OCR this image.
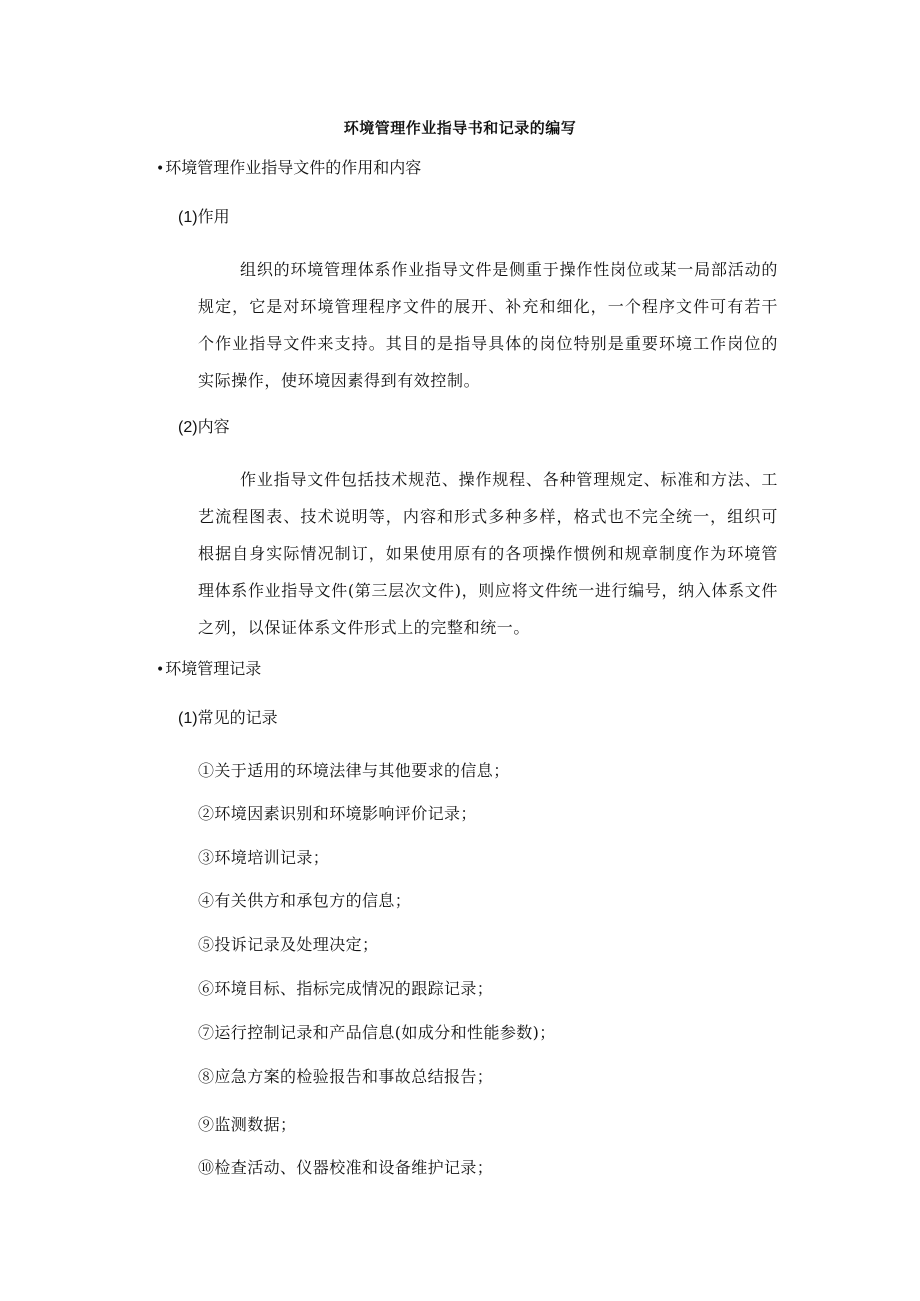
环境管理作业指导书和记录的编写
•环境管理作业指导文件的作用和内容
(1)作用
组织的环境管理体系作业指导文件是侧重于操作性岗位或某一局部活动的规定，它是对环境管理程序文件的展开、补充和细化，一个程序文件可有若干个作业指导文件来支持。其目的是指导具体的岗位特别是重要环境工作岗位的实际操作，使环境因素得到有效控制。
(2)内容
作业指导文件包括技术规范、操作规程、各种管理规定、标准和方法、工艺流程图表、技术说明等，内容和形式多种多样，格式也不完全统一，组织可根据自身实际情况制订，如果使用原有的各项操作惯例和规章制度作为环境管理体系作业指导文件(第三层次文件)，则应将文件统一进行编号，纳入体系文件之列，以保证体系文件形式上的完整和统一。
•环境管理记录
(1)常见的记录
①关于适用的环境法律与其他要求的信息；
②环境因素识别和环境影响评价记录；
③环境培训记录；
④有关供方和承包方的信息；
⑤投诉记录及处理决定；
⑥环境目标、指标完成情况的跟踪记录；
⑦运行控制记录和产品信息(如成分和性能参数)；
⑧应急方案的检验报告和事故总结报告；
⑨监测数据；
⑩检查活动、仪器校准和设备维护记录；
